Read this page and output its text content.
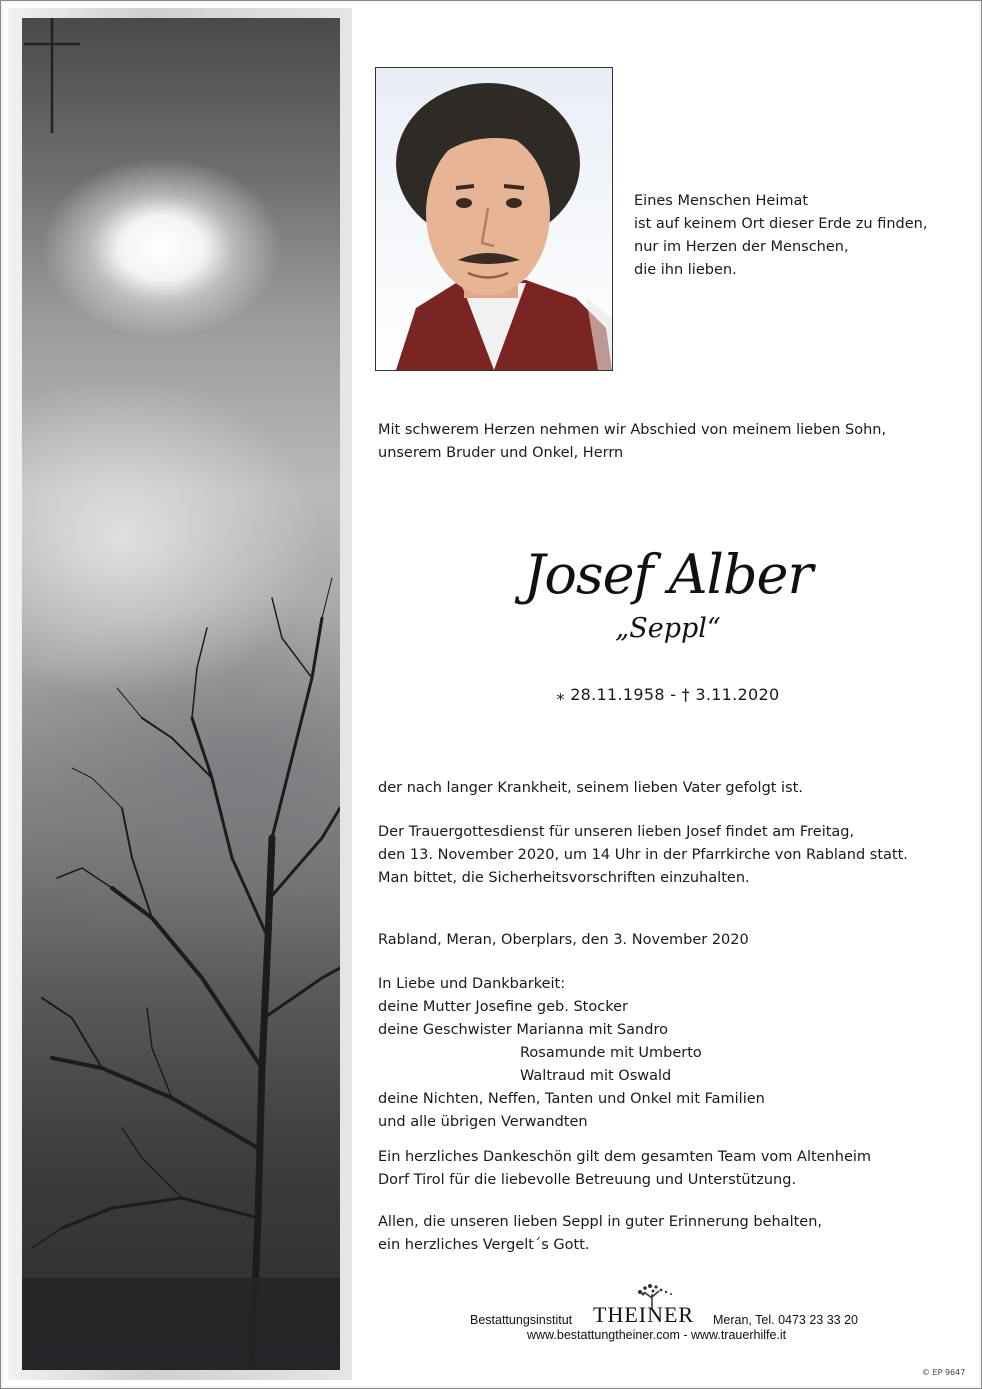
Eines Menschen Heimat
ist auf keinem Ort dieser Erde zu finden,
nur im Herzen der Menschen,
die ihn lieben.
Mit schwerem Herzen nehmen wir Abschied von meinem lieben Sohn,
unserem Bruder und Onkel, Herrn
Josef Alber
„Seppl“
⁎ 28.11.1958 - † 3.11.2020
der nach langer Krankheit, seinem lieben Vater gefolgt ist.
Der Trauergottesdienst für unseren lieben Josef findet am Freitag,
den 13. November 2020, um 14 Uhr in der Pfarrkirche von Rabland statt.
Man bittet, die Sicherheitsvorschriften einzuhalten.
Rabland, Meran, Oberplars, den 3. November 2020
In Liebe und Dankbarkeit:
deine Mutter Josefine geb. Stocker
deine Geschwister Marianna mit Sandro
Rosamunde mit Umberto
Waltraud mit Oswald
deine Nichten, Neffen, Tanten und Onkel mit Familien
und alle übrigen Verwandten
Ein herzliches Dankeschön gilt dem gesamten Team vom Altenheim
Dorf Tirol für die liebevolle Betreuung und Unterstützung.
Allen, die unseren lieben Seppl in guter Erinnerung behalten,
ein herzliches Vergelt´s Gott.
Bestattungsinstitut THEINER Meran, Tel. 0473 23 33 20
www.bestattungtheiner.com - www.trauerhilfe.it
© EP 9647
